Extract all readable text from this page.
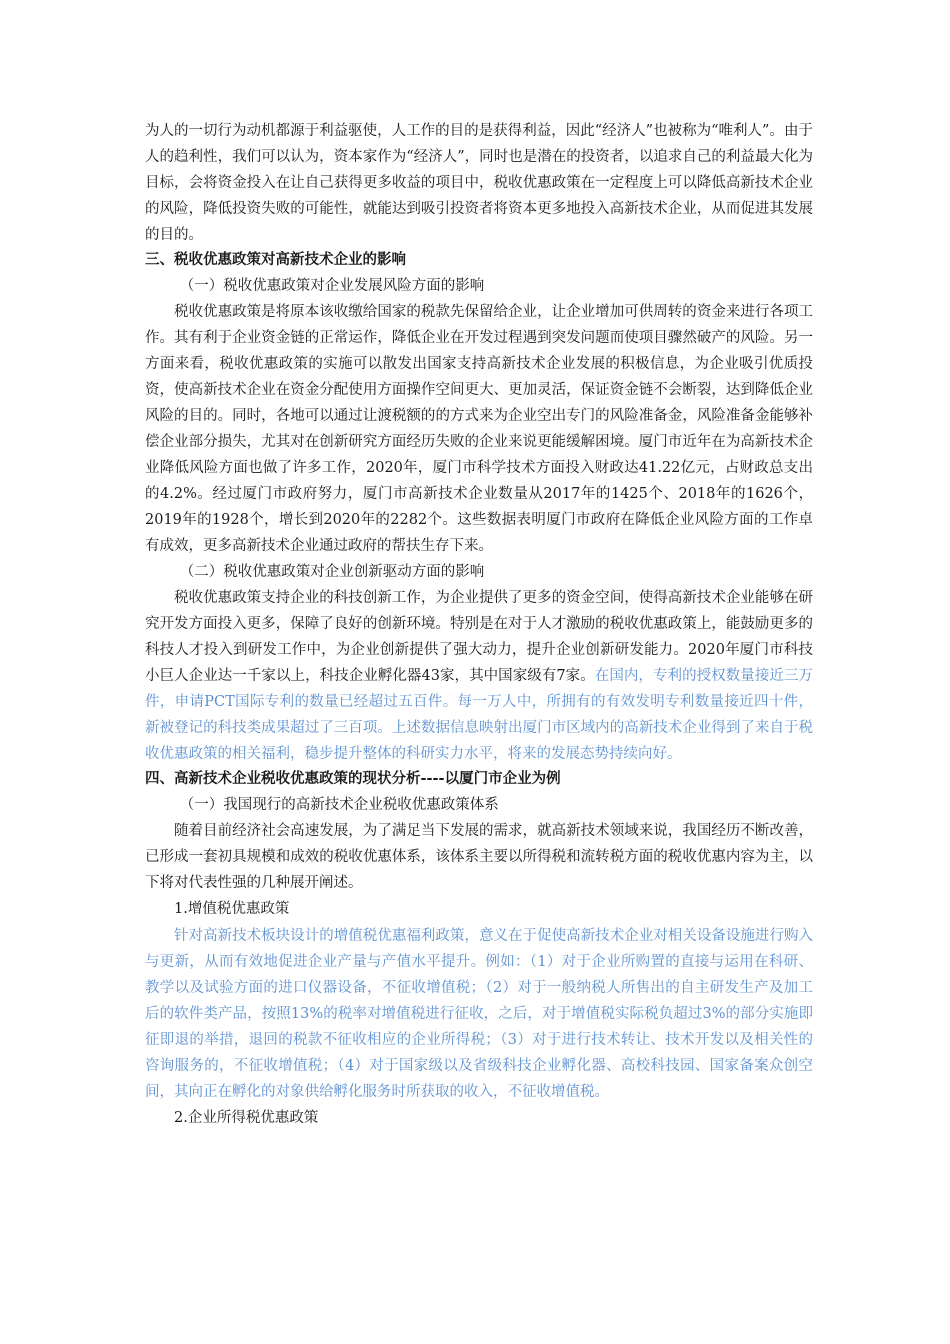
为人的一切行为动机都源于利益驱使，人工作的目的是获得利益，因此“经济人”也被称为“唯利人”。由于人的趋利性，我们可以认为，资本家作为“经济人”，同时也是潜在的投资者，以追求自己的利益最大化为目标，会将资金投入在让自己获得更多收益的项目中，税收优惠政策在一定程度上可以降低高新技术企业的风险，降低投资失败的可能性，就能达到吸引投资者将资本更多地投入高新技术企业，从而促进其发展的目的。

三、税收优惠政策对高新技术企业的影响

（一）税收优惠政策对企业发展风险方面的影响

税收优惠政策是将原本该收缴给国家的税款先保留给企业，让企业增加可供周转的资金来进行各项工作。其有利于企业资金链的正常运作，降低企业在开发过程遇到突发问题而使项目骤然破产的风险。另一方面来看，税收优惠政策的实施可以散发出国家支持高新技术企业发展的积极信息，为企业吸引优质投资，使高新技术企业在资金分配使用方面操作空间更大、更加灵活，保证资金链不会断裂，达到降低企业风险的目的。同时，各地可以通过让渡税额的的方式来为企业空出专门的风险准备金，风险准备金能够补偿企业部分损失，尤其对在创新研究方面经历失败的企业来说更能缓解困境。厦门市近年在为高新技术企业降低风险方面也做了许多工作，2020年，厦门市科学技术方面投入财政达41.22亿元，占财政总支出的4.2%。经过厦门市政府努力，厦门市高新技术企业数量从2017年的1425个、2018年的1626个，2019年的1928个，增长到2020年的2282个。这些数据表明厦门市政府在降低企业风险方面的工作卓有成效，更多高新技术企业通过政府的帮扶生存下来。

（二）税收优惠政策对企业创新驱动方面的影响

税收优惠政策支持企业的科技创新工作，为企业提供了更多的资金空间，使得高新技术企业能够在研究开发方面投入更多，保障了良好的创新环境。特别是在对于人才激励的税收优惠政策上，能鼓励更多的科技人才投入到研发工作中，为企业创新提供了强大动力，提升企业创新研发能力。2020年厦门市科技小巨人企业达一千家以上，科技企业孵化器43家，其中国家级有7家。在国内，专利的授权数量接近三万件，申请PCT国际专利的数量已经超过五百件。每一万人中，所拥有的有效发明专利数量接近四十件，新被登记的科技类成果超过了三百项。上述数据信息映射出厦门市区域内的高新技术企业得到了来自于税收优惠政策的相关福利，稳步提升整体的科研实力水平，将来的发展态势持续向好。

四、高新技术企业税收优惠政策的现状分析----以厦门市企业为例

（一）我国现行的高新技术企业税收优惠政策体系

随着目前经济社会高速发展，为了满足当下发展的需求，就高新技术领域来说，我国经历不断改善，已形成一套初具规模和成效的税收优惠体系，该体系主要以所得税和流转税方面的税收优惠内容为主，以下将对代表性强的几种展开阐述。

1.增值税优惠政策

针对高新技术板块设计的增值税优惠福利政策，意义在于促使高新技术企业对相关设备设施进行购入与更新，从而有效地促进企业产量与产值水平提升。例如：（1）对于企业所购置的直接与运用在科研、教学以及试验方面的进口仪器设备，不征收增值税；（2）对于一般纳税人所售出的自主研发生产及加工后的软件类产品，按照13%的税率对增值税进行征收，之后，对于增值税实际税负超过3%的部分实施即征即退的举措，退回的税款不征收相应的企业所得税；（3）对于进行技术转让、技术开发以及相关性的咨询服务的，不征收增值税；（4）对于国家级以及省级科技企业孵化器、高校科技园、国家备案众创空间，其向正在孵化的对象供给孵化服务时所获取的收入，不征收增值税。

2.企业所得税优惠政策
